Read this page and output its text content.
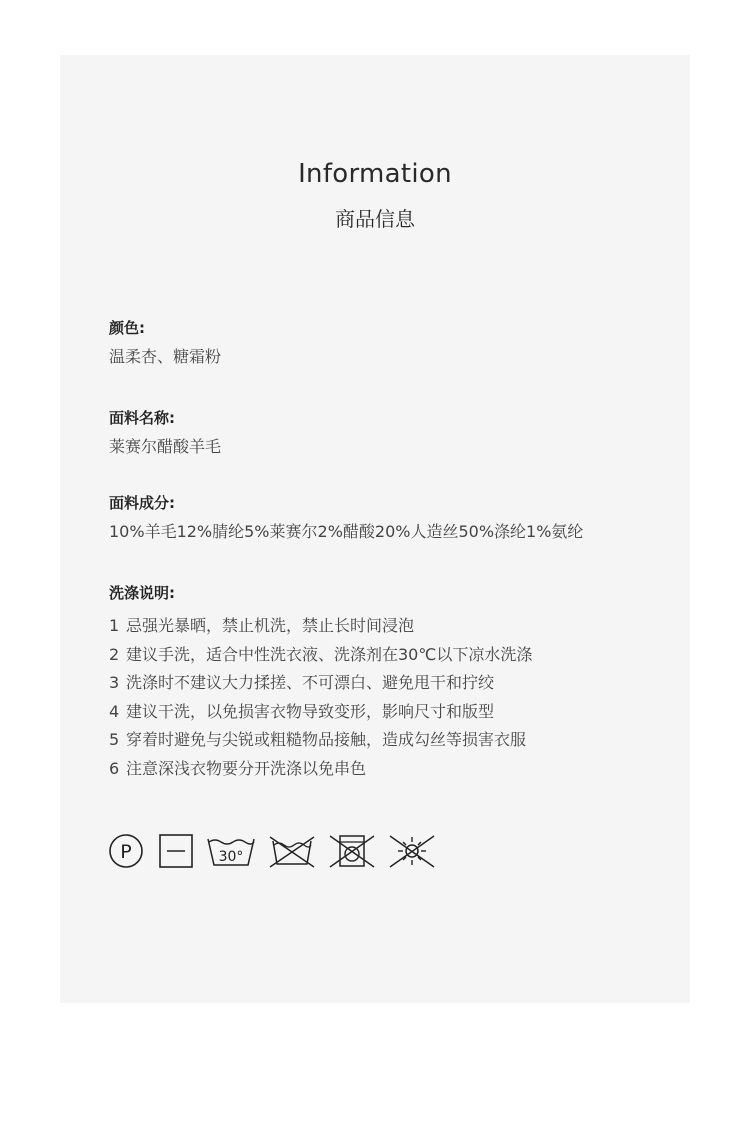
Information
商品信息
颜色:
温柔杏、糖霜粉
面料名称:
莱赛尔醋酸羊毛
面料成分:
10%羊毛12%腈纶5%莱赛尔2%醋酸20%人造丝50%涤纶1%氨纶
洗涤说明:
1 忌强光暴晒，禁止机洗，禁止长时间浸泡
2 建议手洗，适合中性洗衣液、洗涤剂在30℃以下凉水洗涤
3 洗涤时不建议大力揉搓、不可漂白、避免甩干和拧绞
4 建议干洗，以免损害衣物导致变形，影响尺寸和版型
5 穿着时避免与尖锐或粗糙物品接触，造成勾丝等损害衣服
6 注意深浅衣物要分开洗涤以免串色
P	30°
